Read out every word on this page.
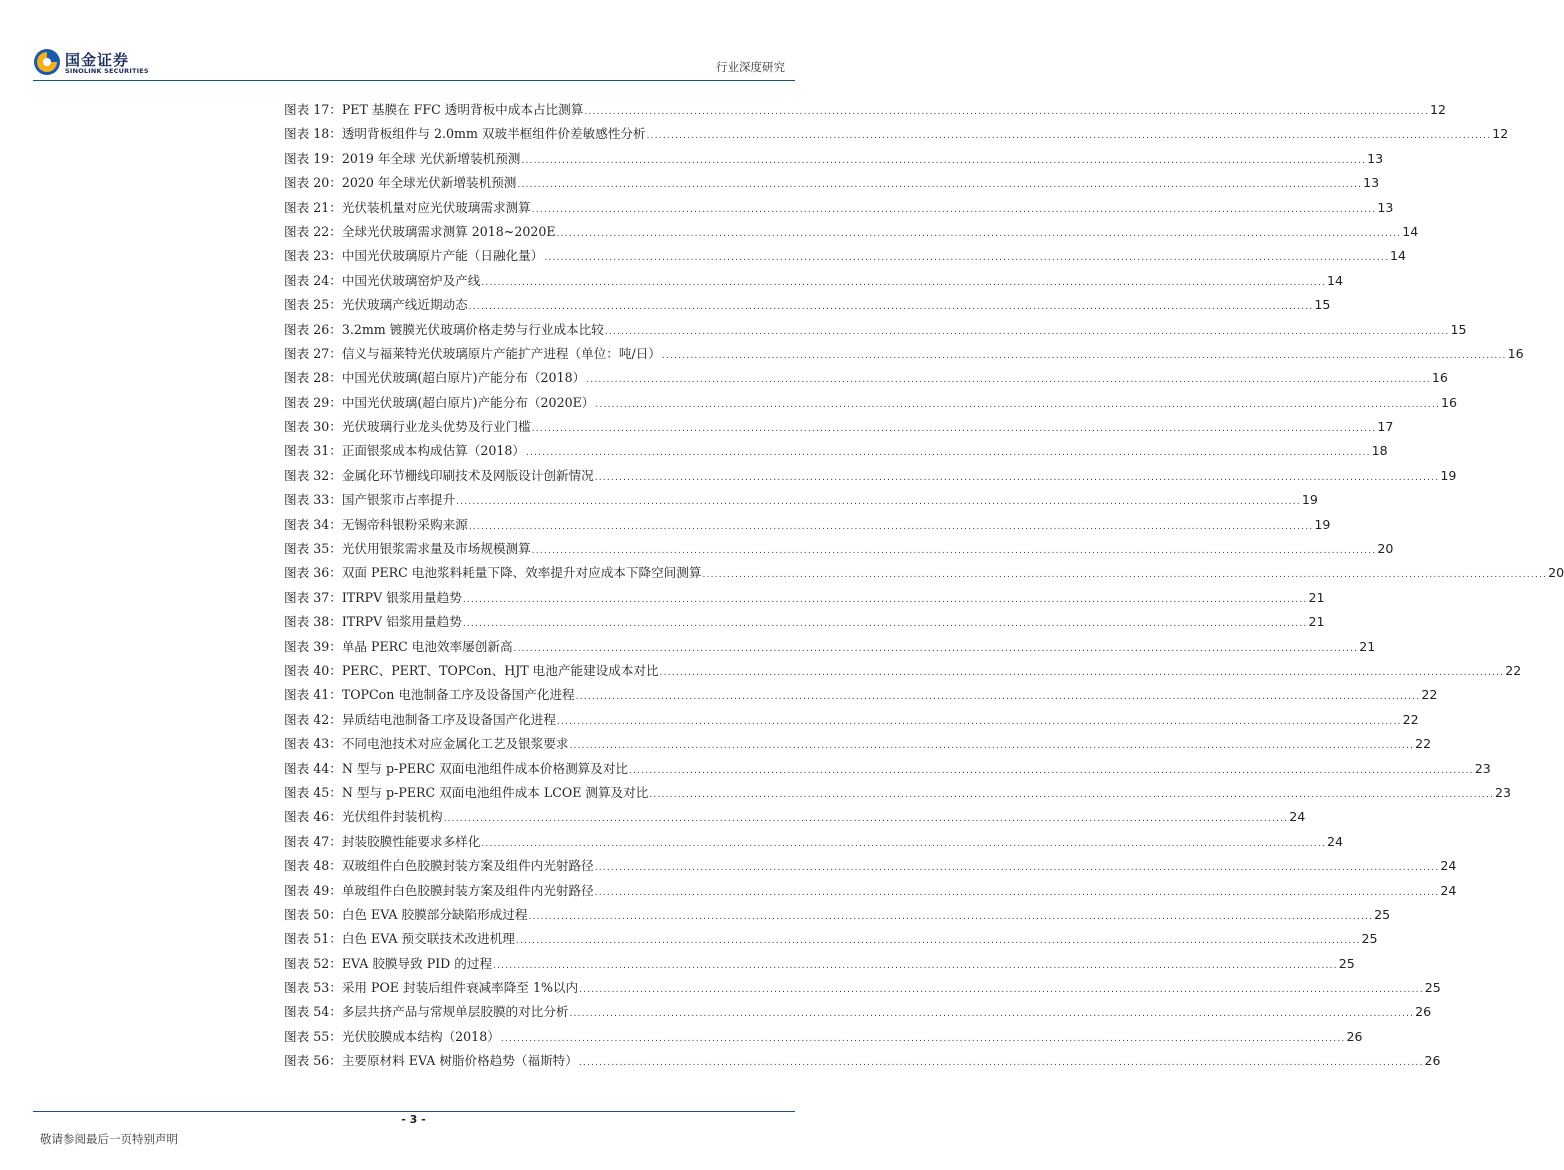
国金证券
SINOLINK SECURITIES	行业深度研究
图表 17： PET 基膜在 FFC 透明背板中成本占比测算 .....	12
图表 18： 透明背板组件与 2.0mm 双玻半框组件价差敏感性分析 .....	12
图表 19： 2019 年全球 光伏新增装机预测 .....	13
图表 20： 2020 年全球光伏新增装机预测 .....	13
图表 21： 光伏装机量对应光伏玻璃需求测算 .....	13
图表 22： 全球光伏玻璃需求测算 2018~2020E .....	14
图表 23： 中国光伏玻璃原片产能（日融化量） .....	14
图表 24： 中国光伏玻璃窑炉及产线 .....	14
图表 25： 光伏玻璃产线近期动态 .....	15
图表 26： 3.2mm 镀膜光伏玻璃价格走势与行业成本比较 .....	15
图表 27： 信义与福莱特光伏玻璃原片产能扩产进程（单位：吨/日） .....	16
图表 28： 中国光伏玻璃(超白原片)产能分布（2018） .....	16
图表 29： 中国光伏玻璃(超白原片)产能分布（2020E） .....	16
图表 30： 光伏玻璃行业龙头优势及行业门槛 .....	17
图表 31： 正面银浆成本构成估算（2018） .....	18
图表 32： 金属化环节栅线印刷技术及网版设计创新情况 .....	19
图表 33： 国产银浆市占率提升 .....	19
图表 34： 无锡帝科银粉采购来源 .....	19
图表 35： 光伏用银浆需求量及市场规模测算 .....	20
图表 36： 双面 PERC 电池浆料耗量下降、效率提升对应成本下降空间测算 .....	20
图表 37： ITRPV 银浆用量趋势 .....	21
图表 38： ITRPV 铝浆用量趋势 .....	21
图表 39： 单晶 PERC 电池效率屡创新高 .....	21
图表 40： PERC、PERT、TOPCon、HJT 电池产能建设成本对比 .....	22
图表 41： TOPCon 电池制备工序及设备国产化进程 .....	22
图表 42： 异质结电池制备工序及设备国产化进程 .....	22
图表 43： 不同电池技术对应金属化工艺及银浆要求 .....	22
图表 44： N 型与 p-PERC 双面电池组件成本价格测算及对比 .....	23
图表 45： N 型与 p-PERC 双面电池组件成本 LCOE 测算及对比 .....	23
图表 46： 光伏组件封装机构 .....	24
图表 47： 封装胶膜性能要求多样化 .....	24
图表 48： 双玻组件白色胶膜封装方案及组件内光射路径 .....	24
图表 49： 单玻组件白色胶膜封装方案及组件内光射路径 .....	24
图表 50： 白色 EVA 胶膜部分缺陷形成过程 .....	25
图表 51： 白色 EVA 预交联技术改进机理 .....	25
图表 52： EVA 胶膜导致 PID 的过程 .....	25
图表 53： 采用 POE 封装后组件衰减率降至 1%以内 .....	25
图表 54： 多层共挤产品与常规单层胶膜的对比分析 .....	26
图表 55： 光伏胶膜成本结构（2018） .....	26
图表 56： 主要原材料 EVA 树脂价格趋势（福斯特） .....	26
- 3 -
敬请参阅最后一页特别声明
